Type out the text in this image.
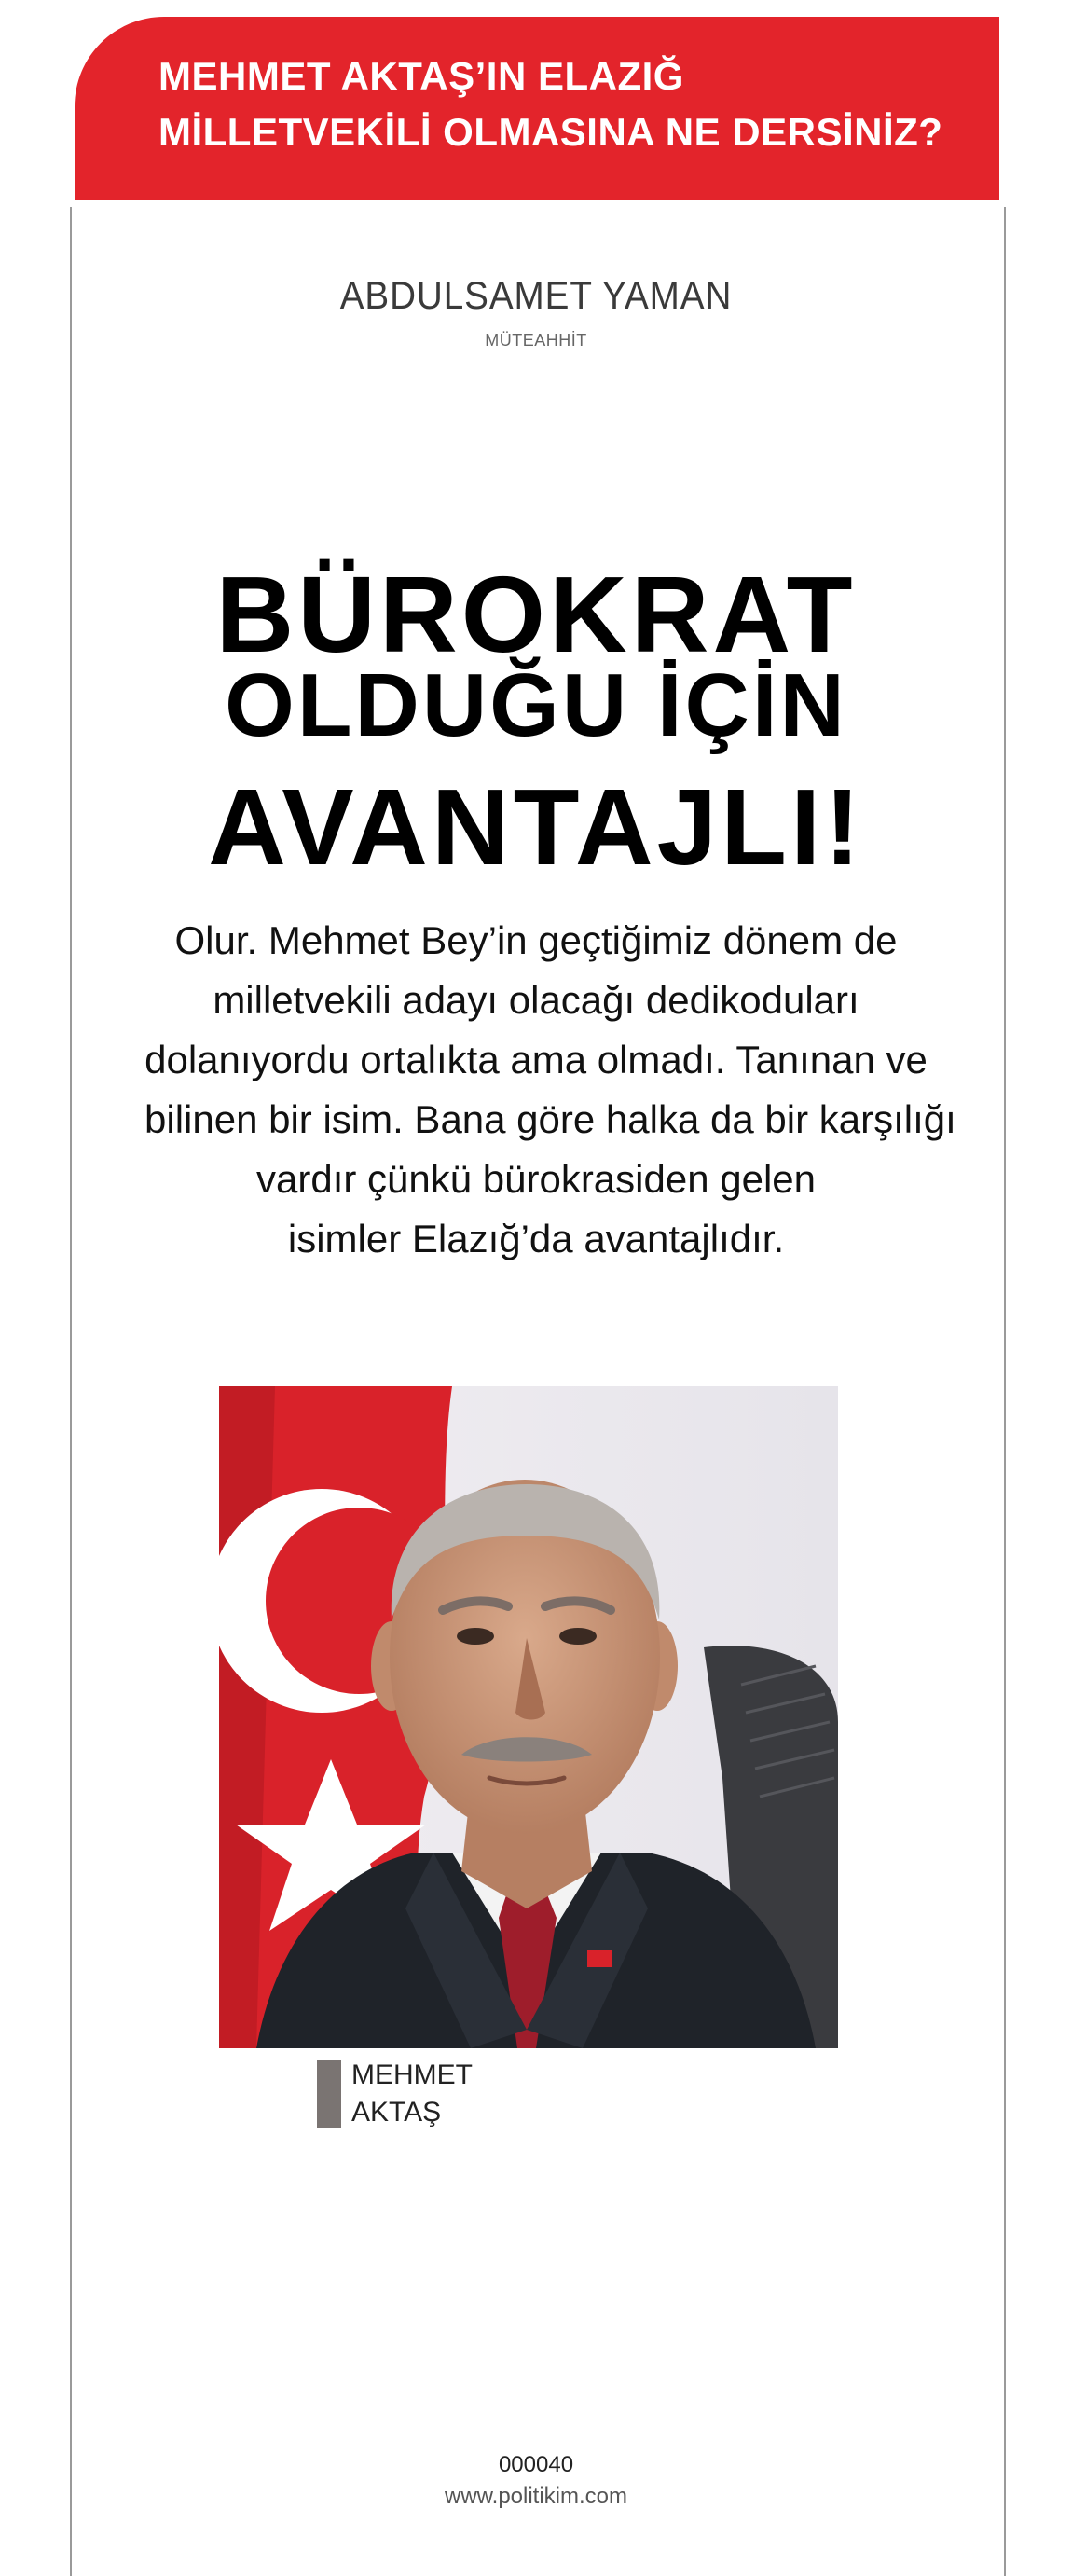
MEHMET AKTAŞ’IN ELAZIĞ
MİLLETVEKİLİ OLMASINA NE DERSİNİZ?
ABDULSAMET YAMAN
MÜTEAHHİT
BÜROKRAT
OLDUĞU İÇİN
AVANTAJLI!
Olur. Mehmet Bey’in geçtiğimiz dönem de
milletvekili adayı olacağı dedikoduları
dolanıyordu ortalıkta ama olmadı. Tanınan ve
bilinen bir isim. Bana göre halka da bir karşılığı
vardır çünkü bürokrasiden gelen
isimler Elazığ’da avantajlıdır.
MEHMET
AKTAŞ
000040
www.politikim.com
